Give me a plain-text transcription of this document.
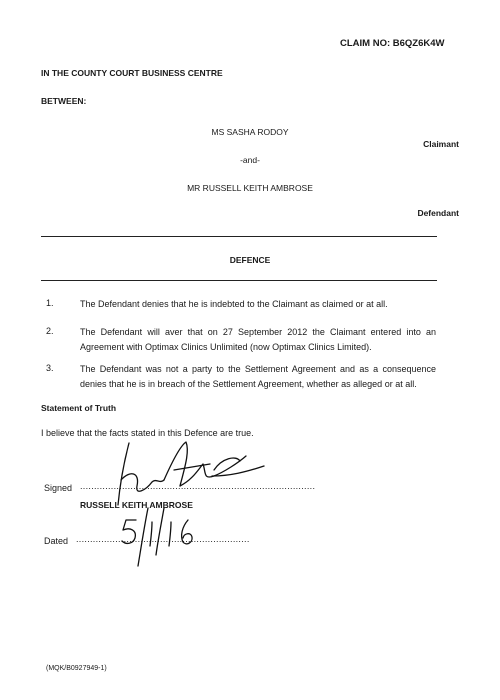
CLAIM NO: B6QZ6K4W
IN THE COUNTY COURT BUSINESS CENTRE
BETWEEN:
MS SASHA RODOY
Claimant
-and-
MR RUSSELL KEITH AMBROSE
Defendant
DEFENCE
1.	The Defendant denies that he is indebted to the Claimant as claimed or at all.
2.	The Defendant will aver that on 27 September 2012 the Claimant entered into an Agreement with Optimax Clinics Unlimited (now Optimax Clinics Limited).
3.	The Defendant was not a party to the Settlement Agreement and as a consequence denies that he is in breach of the Settlement Agreement, whether as alleged or at all.
Statement of Truth
I believe that the facts stated in this Defence are true.
Signed ....................................................................................
RUSSELL KEITH AMBROSE
Dated ..............................................................
(MQK/B0927949-1)
